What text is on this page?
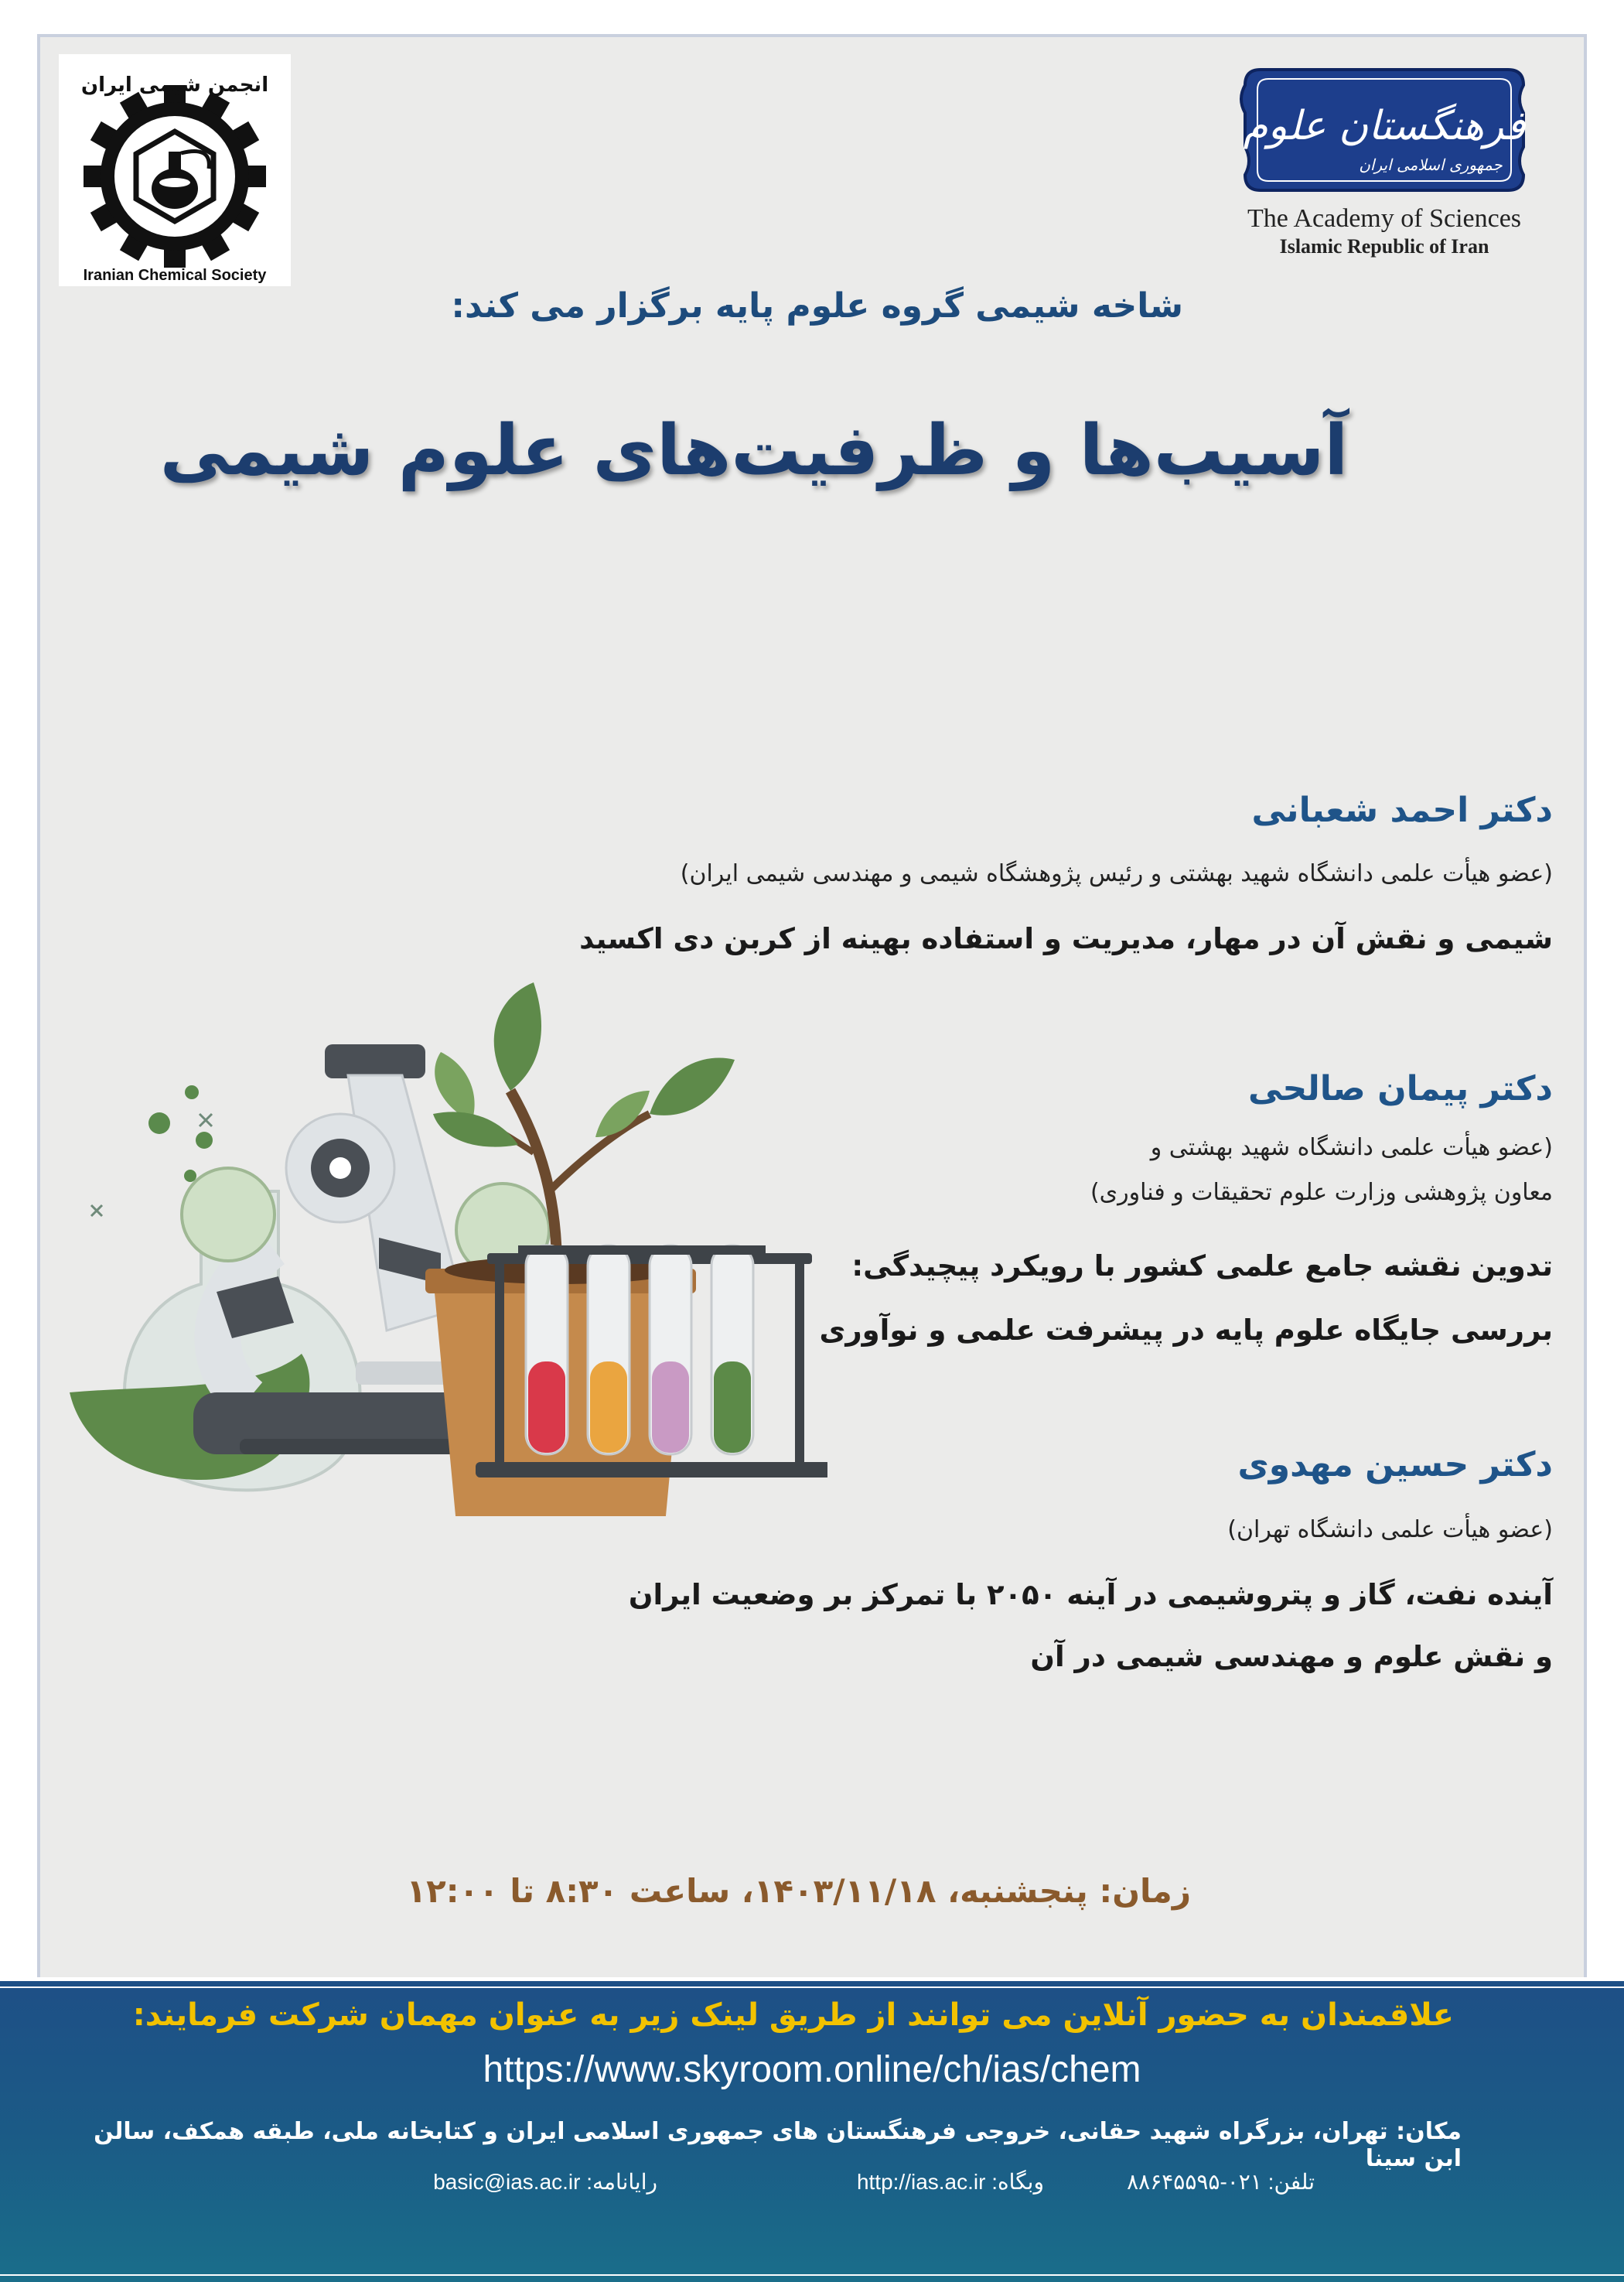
انجمن شیمی ایران
Iranian Chemical Society
فرهنگستان علوم
جمهوری اسلامی ایران
The Academy of Sciences
Islamic Republic of Iran
شاخه شیمی گروه علوم پایه برگزار می کند:
آسیب‌ها و ظرفیت‌های علوم شیمی
دکتر احمد شعبانی
(عضو هیأت علمی دانشگاه شهید بهشتی و رئیس پژوهشگاه شیمی و مهندسی شیمی ایران)
شیمی و نقش آن در مهار، مدیریت و استفاده بهینه از کربن دی اکسید
دکتر پیمان صالحی
(عضو هیأت علمی دانشگاه شهید بهشتی و
معاون پژوهشی وزارت علوم تحقیقات و فناوری)
تدوین نقشه جامع علمی کشور با رویکرد پیچیدگی:
بررسی جایگاه علوم پایه در پیشرفت علمی و نوآوری
دکتر حسین مهدوی
(عضو هیأت علمی دانشگاه تهران)
آینده نفت، گاز و پتروشیمی در آینه ۲۰۵۰ با تمرکز بر وضعیت ایران
و نقش علوم و مهندسی شیمی در آن
زمان: پنجشنبه، ۱۴۰۳/۱۱/۱۸، ساعت ۸:۳۰ تا ۱۲:۰۰
علاقمندان به حضور آنلاین می توانند از طریق لینک زیر به عنوان مهمان شرکت فرمایند:
https://www.skyroom.online/ch/ias/chem
مکان: تهران، بزرگراه شهید حقانی، خروجی فرهنگستان های جمهوری اسلامی ایران و کتابخانه ملی، طبقه همکف، سالن ابن سینا
تلفن: ۰۲۱-۸۸۶۴۵۵۹۵
وبگاه: http://ias.ac.ir
رایانامه: basic@ias.ac.ir
